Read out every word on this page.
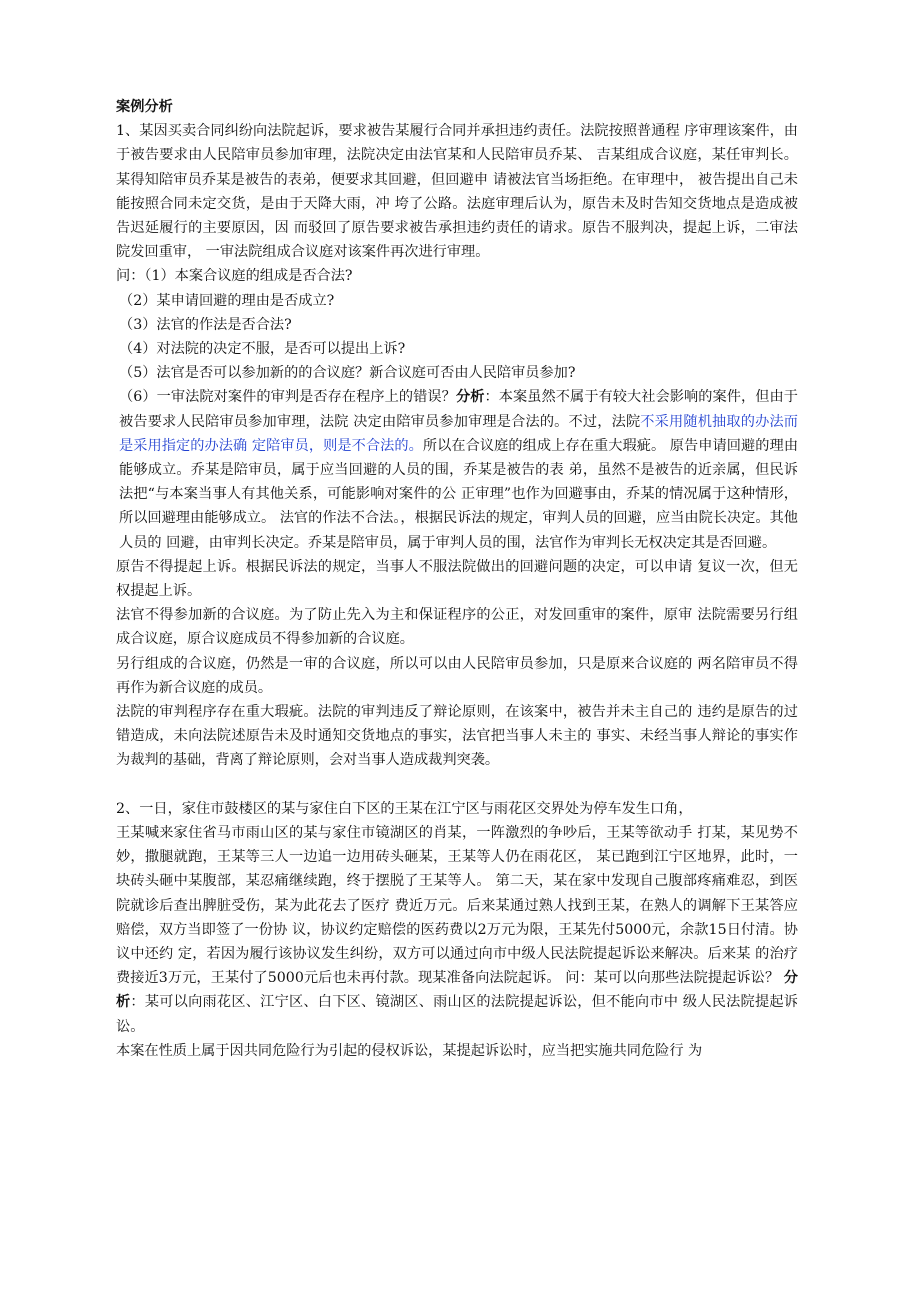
案例分析

1、某因买卖合同纠纷向法院起诉，要求被告某履行合同并承担违约责任。法院按照普通程 序审理该案件，由于被告要求由人民陪审员参加审理，法院决定由法官某和人民陪审员乔某、 吉某组成合议庭，某任审判长。某得知陪审员乔某是被告的表弟，便要求其回避，但回避申 请被法官当场拒绝。在审理中， 被告提出自己未能按照合同未定交货，是由于天降大雨，冲 垮了公路。法庭审理后认为，原告未及时告知交货地点是造成被告迟延履行的主要原因，因 而驳回了原告要求被告承担违约责任的请求。原告不服判决，提起上诉，二审法院发回重审， 一审法院组成合议庭对该案件再次进行审理。

问：（1）本案合议庭的组成是否合法?

（2）某申请回避的理由是否成立?

（3）法官的作法是否合法?

（4）对法院的决定不服，是否可以提出上诉?

（5）法官是否可以参加新的的合议庭？新合议庭可否由人民陪审员参加?

（6）一审法院对案件的审判是否存在程序上的错误？分析：本案虽然不属于有较大社会影响的案件，但由于被告要求人民陪审员参加审理，法院 决定由陪审员参加审理是合法的。不过，法院不采用随机抽取的办法而是采用指定的办法确 定陪审员，则是不合法的。所以在合议庭的组成上存在重大瑕疵。 原告申请回避的理由能够成立。乔某是陪审员，属于应当回避的人员的围，乔某是被告的表 弟，虽然不是被告的近亲属，但民诉法把“与本案当事人有其他关系，可能影响对案件的公 正审理”也作为回避事由，乔某的情况属于这种情形，所以回避理由能够成立。 法官的作法不合法。，根据民诉法的规定，审判人员的回避，应当由院长决定。其他人员的 回避，由审判长决定。乔某是陪审员，属于审判人员的围，法官作为审判长无权决定其是否回避。

原告不得提起上诉。根据民诉法的规定，当事人不服法院做出的回避问题的决定，可以申请 复议一次，但无权提起上诉。

法官不得参加新的合议庭。为了防止先入为主和保证程序的公正，对发回重审的案件，原审 法院需要另行组成合议庭，原合议庭成员不得参加新的合议庭。

另行组成的合议庭，仍然是一审的合议庭，所以可以由人民陪审员参加，只是原来合议庭的 两名陪审员不得再作为新合议庭的成员。

法院的审判程序存在重大瑕疵。法院的审判违反了辩论原则，在该案中，被告并未主自己的 违约是原告的过错造成，未向法院述原告未及时通知交货地点的事实，法官把当事人未主的 事实、未经当事人辩论的事实作为裁判的基础，背离了辩论原则，会对当事人造成裁判突袭。

2、一日，家住市鼓楼区的某与家住白下区的王某在江宁区与雨花区交界处为停车发生口角，

王某喊来家住省马市雨山区的某与家住市镜湖区的肖某，一阵激烈的争吵后，王某等欲动手 打某，某见势不妙，撒腿就跑，王某等三人一边追一边用砖头砸某，王某等人仍在雨花区， 某已跑到江宁区地界，此时，一块砖头砸中某腹部，某忍痛继续跑，终于摆脱了王某等人。 第二天，某在家中发现自己腹部疼痛难忍，到医院就诊后查出脾脏受伤，某为此花去了医疗 费近万元。后来某通过熟人找到王某，在熟人的调解下王某答应赔偿，双方当即签了一份协 议，协议约定赔偿的医药费以2万元为限，王某先付5000元，余款15日付清。协议中还约 定，若因为履行该协议发生纠纷，双方可以通过向市中级人民法院提起诉讼来解决。后来某 的治疗费接近3万元，王某付了5000元后也未再付款。现某准备向法院起诉。 问：某可以向那些法院提起诉讼？ 分析：某可以向雨花区、江宁区、白下区、镜湖区、雨山区的法院提起诉讼，但不能向市中 级人民法院提起诉讼。

本案在性质上属于因共同危险行为引起的侵权诉讼，某提起诉讼时，应当把实施共同危险行 为
